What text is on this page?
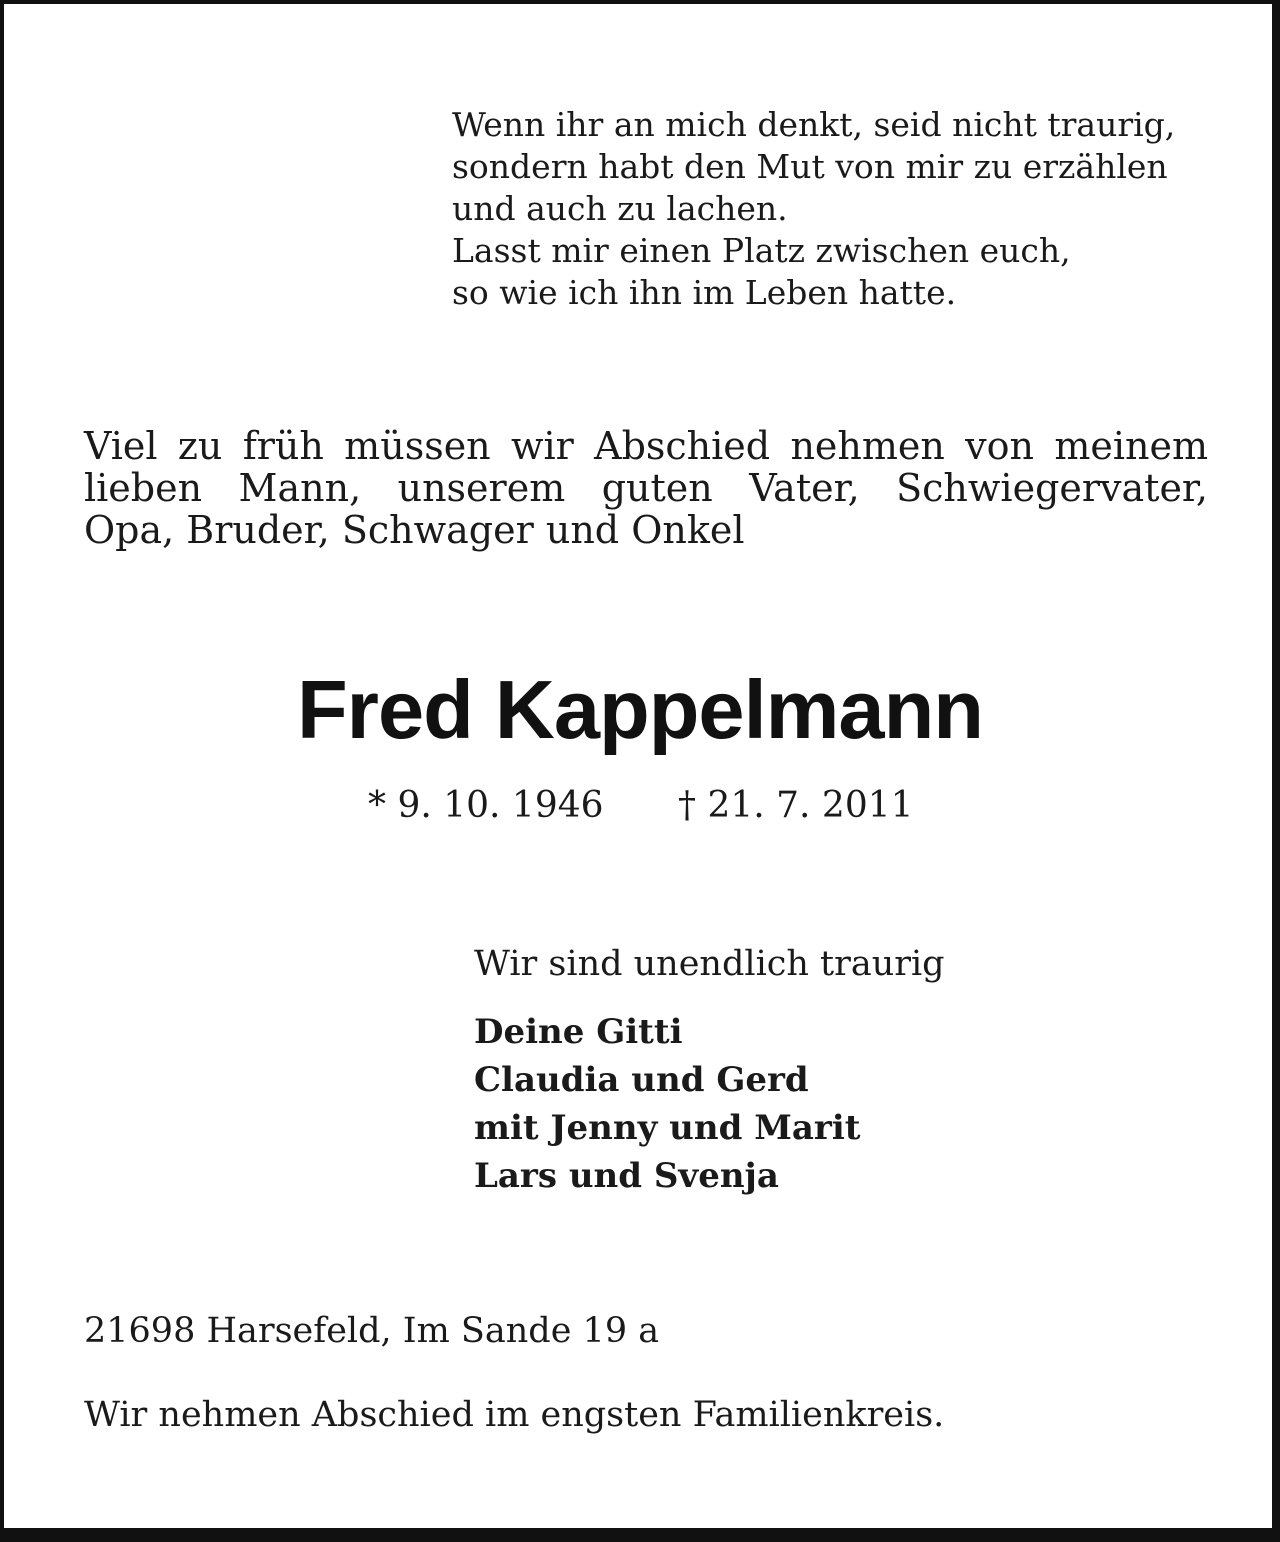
Wenn ihr an mich denkt, seid nicht traurig,
sondern habt den Mut von mir zu erzählen
und auch zu lachen.
Lasst mir einen Platz zwischen euch,
so wie ich ihn im Leben hatte.
Viel zu früh müssen wir Abschied nehmen von meinem
lieben Mann, unserem guten Vater, Schwiegervater,
Opa, Bruder, Schwager und Onkel
Fred Kappelmann
* 9. 10. 1946 † 21. 7. 2011
Wir sind unendlich traurig
Deine Gitti
Claudia und Gerd
mit Jenny und Marit
Lars und Svenja
21698 Harsefeld, Im Sande 19 a
Wir nehmen Abschied im engsten Familienkreis.
